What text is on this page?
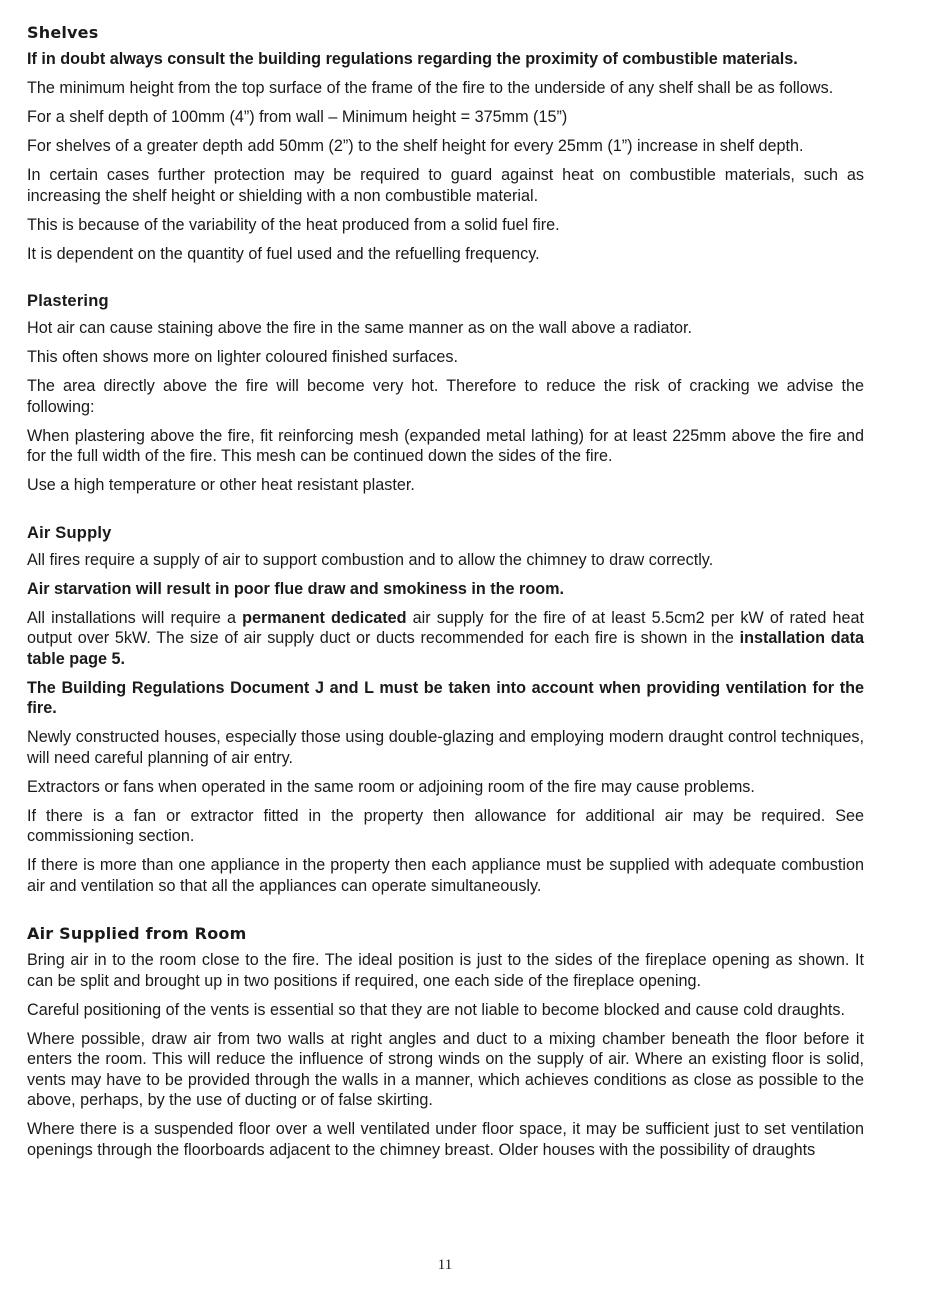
Shelves

If in doubt always consult the building regulations regarding the proximity of combustible materials.

The minimum height from the top surface of the frame of the fire to the underside of any shelf shall be as follows.

For a shelf depth of 100mm (4”) from wall – Minimum height = 375mm (15”)

For shelves of a greater depth add 50mm (2”) to the shelf height for every 25mm (1”) increase in shelf depth.

In certain cases further protection may be required to guard against heat on combustible materials, such as increasing the shelf height or shielding with a non combustible material.

This is because of the variability of the heat produced from a solid fuel fire.

It is dependent on the quantity of fuel used and the refuelling frequency.

Plastering

Hot air can cause staining above the fire in the same manner as on the wall above a radiator.

This often shows more on lighter coloured finished surfaces.

The area directly above the fire will become very hot. Therefore to reduce the risk of cracking we advise the following:

When plastering above the fire, fit reinforcing mesh (expanded metal lathing) for at least 225mm above the fire and for the full width of the fire. This mesh can be continued down the sides of the fire.

Use a high temperature or other heat resistant plaster.

Air Supply

All fires require a supply of air to support combustion and to allow the chimney to draw correctly.

Air starvation will result in poor flue draw and smokiness in the room.

All installations will require a permanent dedicated air supply for the fire of at least 5.5cm2 per kW of rated heat output over 5kW. The size of air supply duct or ducts recommended for each fire is shown in the installation data table page 5.

The Building Regulations Document J and L must be taken into account when providing ventilation for the fire.

Newly constructed houses, especially those using double-glazing and employing modern draught control techniques, will need careful planning of air entry.

Extractors or fans when operated in the same room or adjoining room of the fire may cause problems.

If there is a fan or extractor fitted in the property then allowance for additional air may be required. See commissioning section.

If there is more than one appliance in the property then each appliance must be supplied with adequate combustion air and ventilation so that all the appliances can operate simultaneously.

Air Supplied from Room

Bring air in to the room close to the fire. The ideal position is just to the sides of the fireplace opening as shown. It can be split and brought up in two positions if required, one each side of the fireplace opening.

Careful positioning of the vents is essential so that they are not liable to become blocked and cause cold draughts.

Where possible, draw air from two walls at right angles and duct to a mixing chamber beneath the floor before it enters the room. This will reduce the influence of strong winds on the supply of air. Where an existing floor is solid, vents may have to be provided through the walls in a manner, which achieves conditions as close as possible to the above, perhaps, by the use of ducting or of false skirting.

Where there is a suspended floor over a well ventilated under floor space, it may be sufficient just to set ventilation openings through the floorboards adjacent to the chimney breast. Older houses with the possibility of draughts

11
